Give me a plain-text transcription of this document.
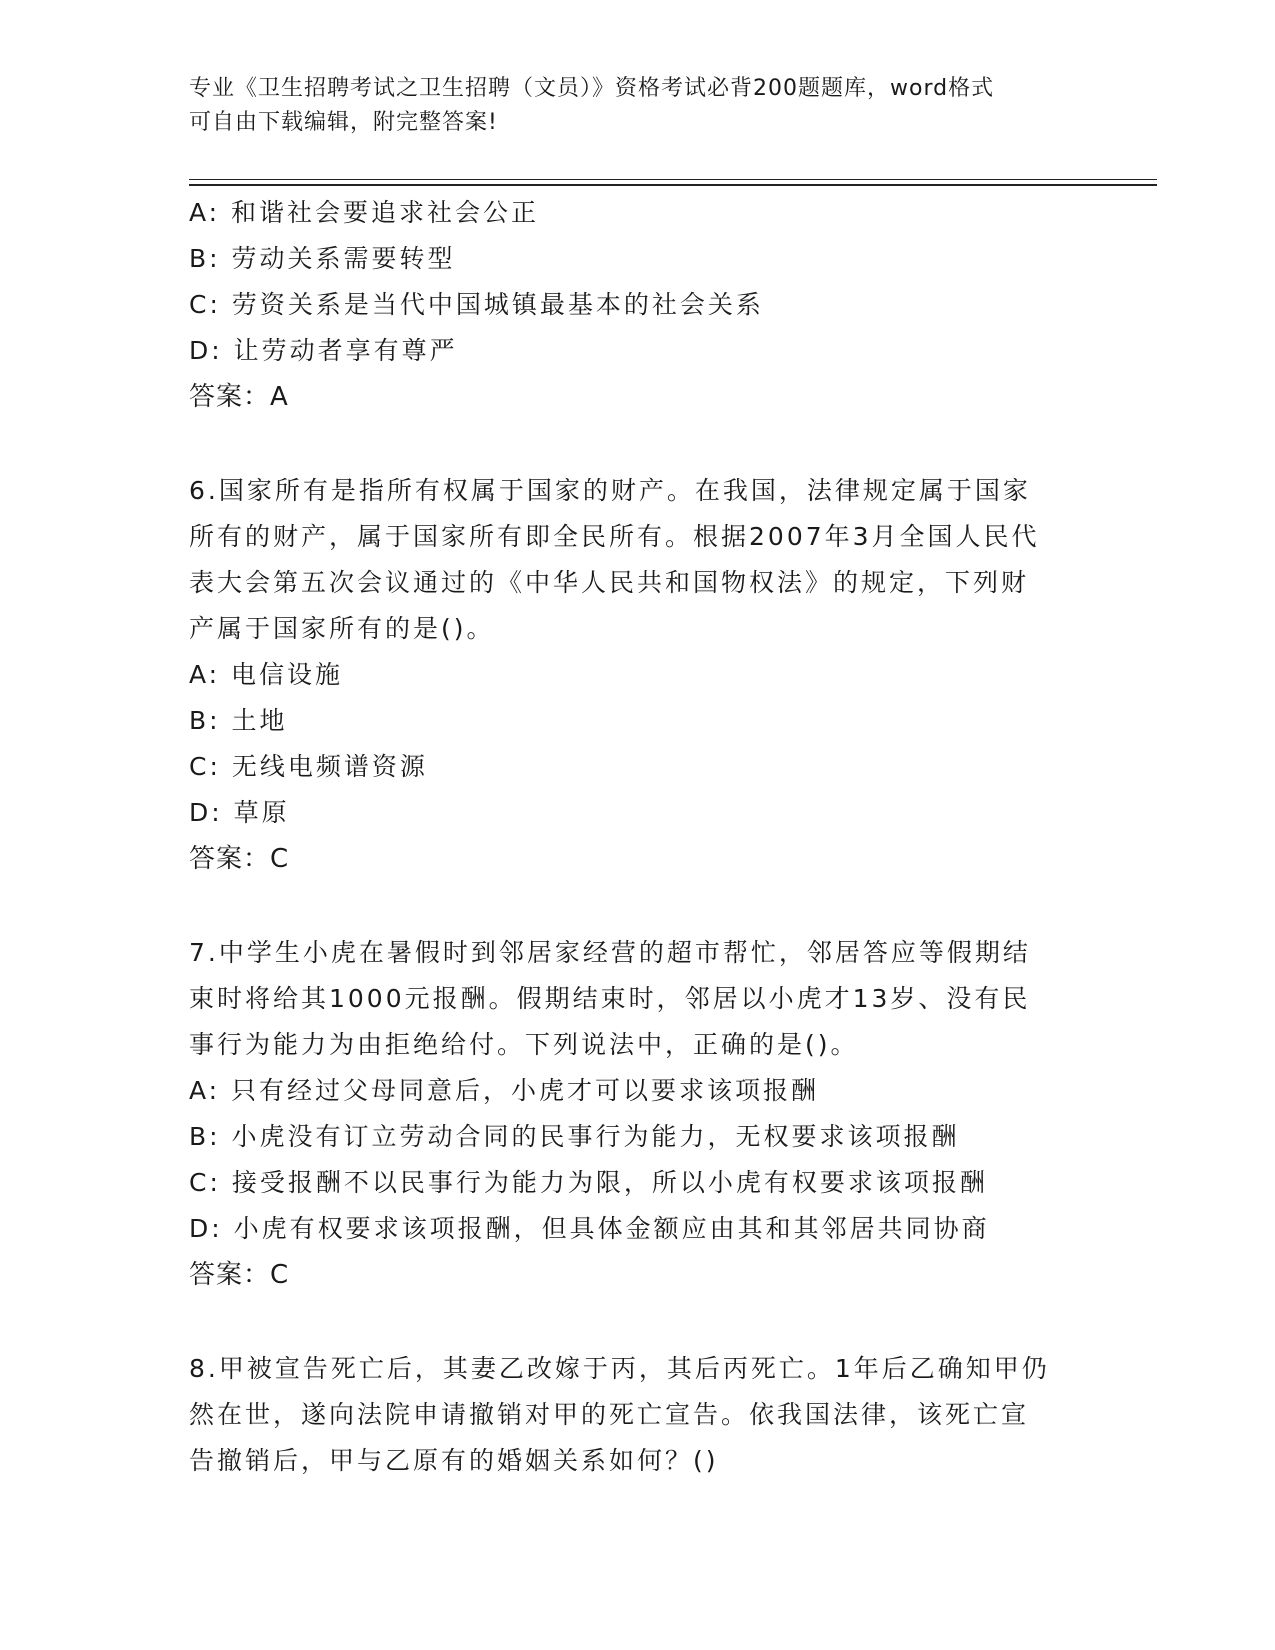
专业《卫生招聘考试之卫生招聘（文员）》资格考试必背200题题库，word格式
可自由下载编辑，附完整答案!
A: 和谐社会要追求社会公正
B: 劳动关系需要转型
C: 劳资关系是当代中国城镇最基本的社会关系
D: 让劳动者享有尊严
答案：A
6.国家所有是指所有权属于国家的财产。在我国，法律规定属于国家
所有的财产，属于国家所有即全民所有。根据2007年3月全国人民代
表大会第五次会议通过的《中华人民共和国物权法》的规定，下列财
产属于国家所有的是()。
A: 电信设施
B: 土地
C: 无线电频谱资源
D: 草原
答案：C
7.中学生小虎在暑假时到邻居家经营的超市帮忙，邻居答应等假期结
束时将给其1000元报酬。假期结束时，邻居以小虎才13岁、没有民
事行为能力为由拒绝给付。下列说法中，正确的是()。
A: 只有经过父母同意后，小虎才可以要求该项报酬
B: 小虎没有订立劳动合同的民事行为能力，无权要求该项报酬
C: 接受报酬不以民事行为能力为限，所以小虎有权要求该项报酬
D: 小虎有权要求该项报酬，但具体金额应由其和其邻居共同协商
答案：C
8.甲被宣告死亡后，其妻乙改嫁于丙，其后丙死亡。1年后乙确知甲仍
然在世，遂向法院申请撤销对甲的死亡宣告。依我国法律，该死亡宣
告撤销后，甲与乙原有的婚姻关系如何？()
